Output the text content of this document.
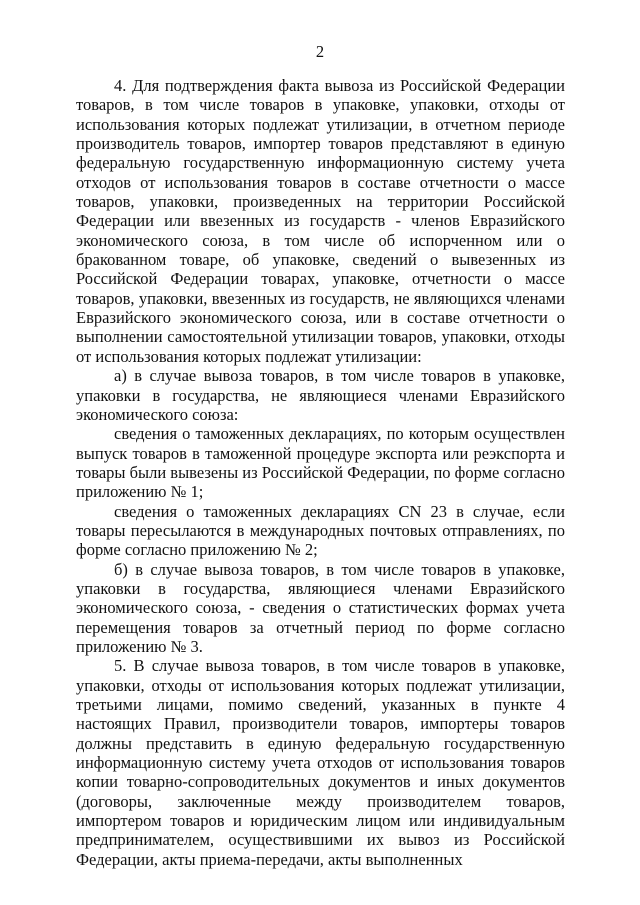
2

4. Для подтверждения факта вывоза из Российской Федерации товаров, в том числе товаров в упаковке, упаковки, отходы от использования которых подлежат утилизации, в отчетном периоде производитель товаров, импортер товаров представляют в единую федеральную государственную информационную систему учета отходов от использования товаров в составе отчетности о массе товаров, упаковки, произведенных на территории Российской Федерации или ввезенных из государств - членов Евразийского экономического союза, в том числе об испорченном или о бракованном товаре, об упаковке, сведений о вывезенных из Российской Федерации товарах, упаковке, отчетности о массе товаров, упаковки, ввезенных из государств, не являющихся членами Евразийского экономического союза, или в составе отчетности о выполнении самостоятельной утилизации товаров, упаковки, отходы от использования которых подлежат утилизации:

а) в случае вывоза товаров, в том числе товаров в упаковке, упаковки в государства, не являющиеся членами Евразийского экономического союза:

сведения о таможенных декларациях, по которым осуществлен выпуск товаров в таможенной процедуре экспорта или реэкспорта и товары были вывезены из Российской Федерации, по форме согласно приложению № 1;

сведения о таможенных декларациях CN 23 в случае, если товары пересылаются в международных почтовых отправлениях, по форме согласно приложению № 2;

б) в случае вывоза товаров, в том числе товаров в упаковке, упаковки в государства, являющиеся членами Евразийского экономического союза, - сведения о статистических формах учета перемещения товаров за отчетный период по форме согласно приложению № 3.

5. В случае вывоза товаров, в том числе товаров в упаковке, упаковки, отходы от использования которых подлежат утилизации, третьими лицами, помимо сведений, указанных в пункте 4 настоящих Правил, производители товаров, импортеры товаров должны представить в единую федеральную государственную информационную систему учета отходов от использования товаров копии товарно-сопроводительных документов и иных документов (договоры, заключенные между производителем товаров, импортером товаров и юридическим лицом или индивидуальным предпринимателем, осуществившими их вывоз из Российской Федерации, акты приема-передачи, акты выполненных
